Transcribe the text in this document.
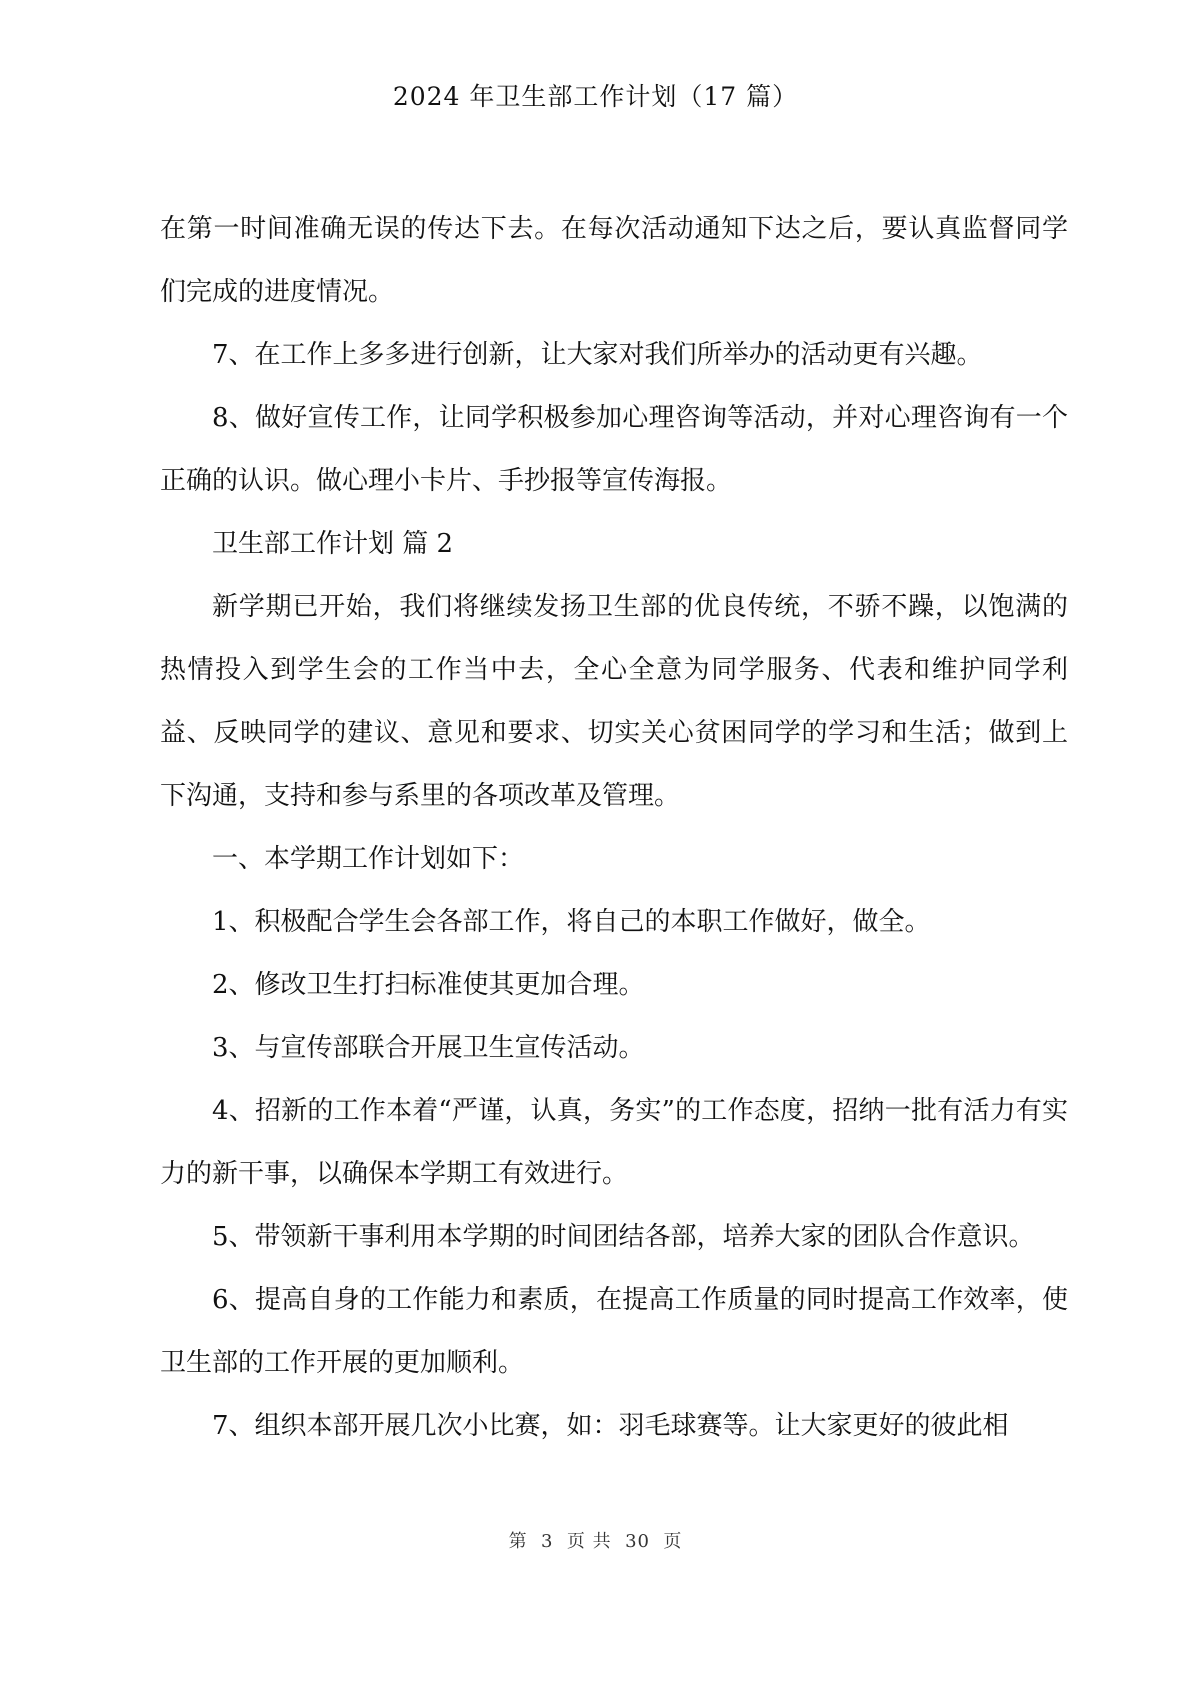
2024 年卫生部工作计划（17 篇）

在第一时间准确无误的传达下去。在每次活动通知下达之后，要认真监督同学们完成的进度情况。

7、在工作上多多进行创新，让大家对我们所举办的活动更有兴趣。

8、做好宣传工作，让同学积极参加心理咨询等活动，并对心理咨询有一个正确的认识。做心理小卡片、手抄报等宣传海报。

卫生部工作计划 篇 2

新学期已开始，我们将继续发扬卫生部的优良传统，不骄不躁，以饱满的热情投入到学生会的工作当中去，全心全意为同学服务、代表和维护同学利益、反映同学的建议、意见和要求、切实关心贫困同学的学习和生活；做到上下沟通，支持和参与系里的各项改革及管理。

一、本学期工作计划如下：

1、积极配合学生会各部工作，将自己的本职工作做好，做全。

2、修改卫生打扫标准使其更加合理。

3、与宣传部联合开展卫生宣传活动。

4、招新的工作本着“严谨，认真，务实”的工作态度，招纳一批有活力有实力的新干事，以确保本学期工有效进行。

5、带领新干事利用本学期的时间团结各部，培养大家的团队合作意识。

6、提高自身的工作能力和素质，在提高工作质量的同时提高工作效率，使卫生部的工作开展的更加顺利。

7、组织本部开展几次小比赛，如：羽毛球赛等。让大家更好的彼此相

第  3  页 共  30  页
